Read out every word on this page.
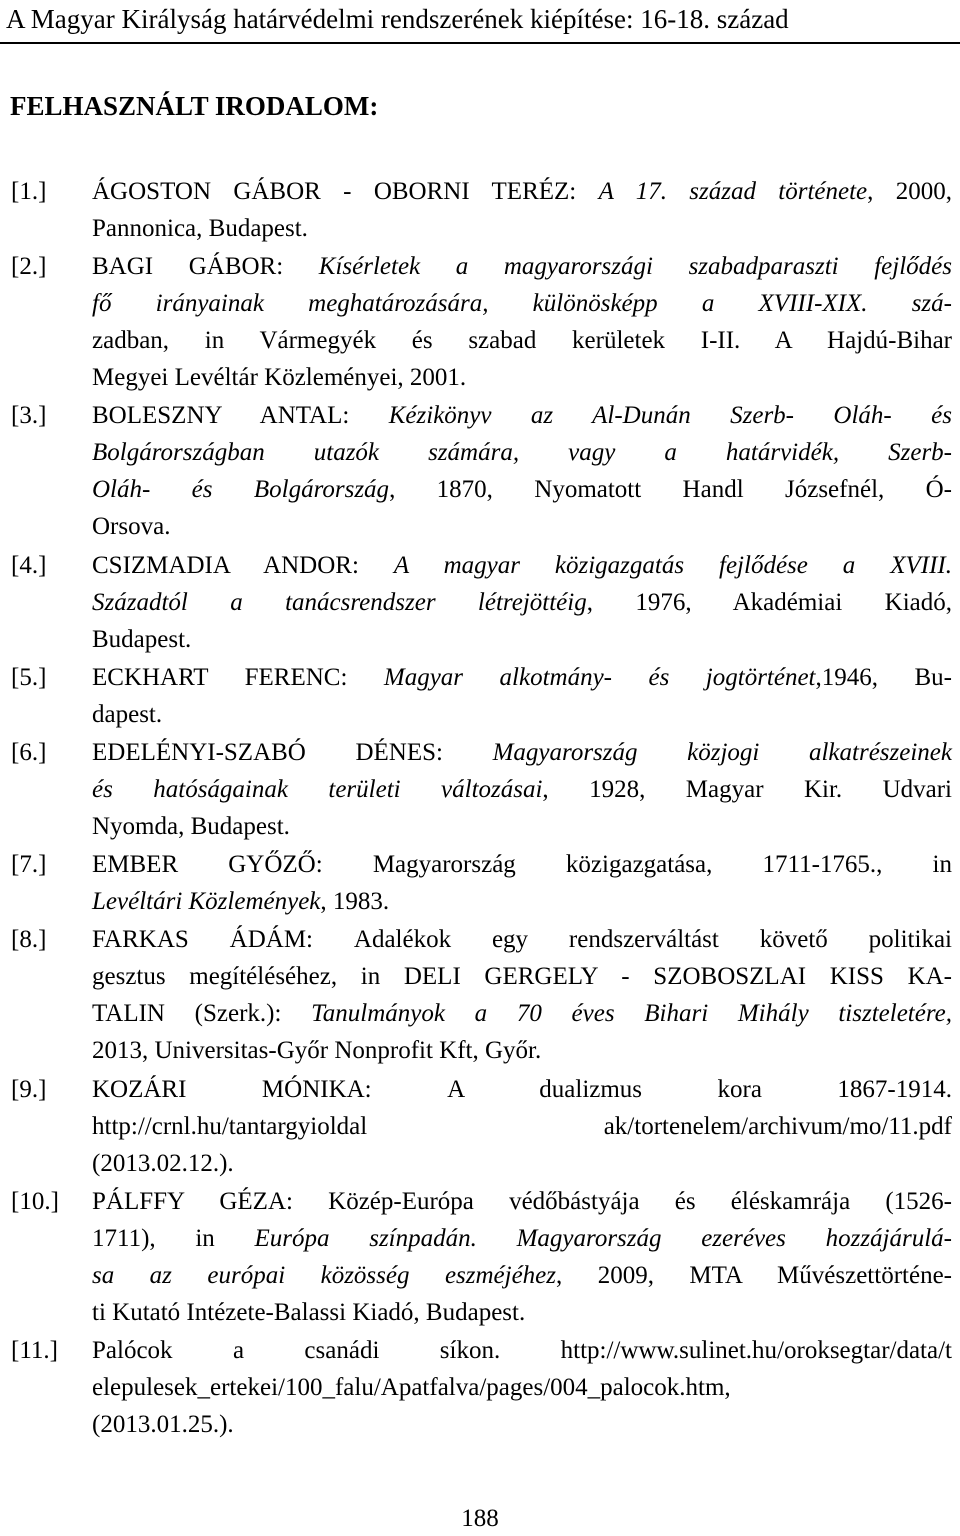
A Magyar Királyság határvédelmi rendszerének kiépítése: 16-18. század
FELHASZNÁLT IRODALOM:
[1.] ÁGOSTON GÁBOR - OBORNI TERÉZ: A 17. század története, 2000,
Pannonica, Budapest.
[2.] BAGI GÁBOR: Kísérletek a magyarországi szabadparaszti fejlődés
fő irányainak meghatározására, különösképp a XVIII-XIX. szá-
zadban, in Vármegyék és szabad kerületek I-II. A Hajdú-Bihar
Megyei Levéltár Közleményei, 2001.
[3.] BOLESZNY ANTAL: Kézikönyv az Al-Dunán Szerb- Oláh- és
Bolgárországban utazók számára, vagy a határvidék, Szerb-
Oláh- és Bolgárország, 1870, Nyomatott Handl Józsefnél, Ó-
Orsova.
[4.] CSIZMADIA ANDOR: A magyar közigazgatás fejlődése a XVIII.
Századtól a tanácsrendszer létrejöttéig, 1976, Akadémiai Kiadó,
Budapest.
[5.] ECKHART FERENC: Magyar alkotmány- és jogtörténet,1946, Bu-
dapest.
[6.] EDELÉNYI-SZABÓ DÉNES: Magyarország közjogi alkatrészeinek
és hatóságainak területi változásai, 1928, Magyar Kir. Udvari
Nyomda, Budapest.
[7.] EMBER GYŐZŐ: Magyarország közigazgatása, 1711-1765., in
Levéltári Közlemények, 1983.
[8.] FARKAS ÁDÁM: Adalékok egy rendszerváltást követő politikai
gesztus megítéléséhez, in DELI GERGELY - SZOBOSZLAI KISS KA-
TALIN (Szerk.): Tanulmányok a 70 éves Bihari Mihály tiszteletére,
2013, Universitas-Győr Nonprofit Kft, Győr.
[9.] KOZÁRI MÓNIKA: A dualizmus kora 1867-1914.
http://crnl.hu/tantargyioldal ak/tortenelem/archivum/mo/11.pdf
(2013.02.12.).
[10.] PÁLFFY GÉZA: Közép-Európa védőbástyája és éléskamrája (1526-
1711), in Európa színpadán. Magyarország ezeréves hozzájárulá-
sa az európai közösség eszméjéhez, 2009, MTA Művészettörténe-
ti Kutató Intézete-Balassi Kiadó, Budapest.
[11.] Palócok a csanádi síkon. http://www.sulinet.hu/oroksegtar/data/t
elepulesek_ertekei/100_falu/Apatfalva/pages/004_palocok.htm,
(2013.01.25.).
188
